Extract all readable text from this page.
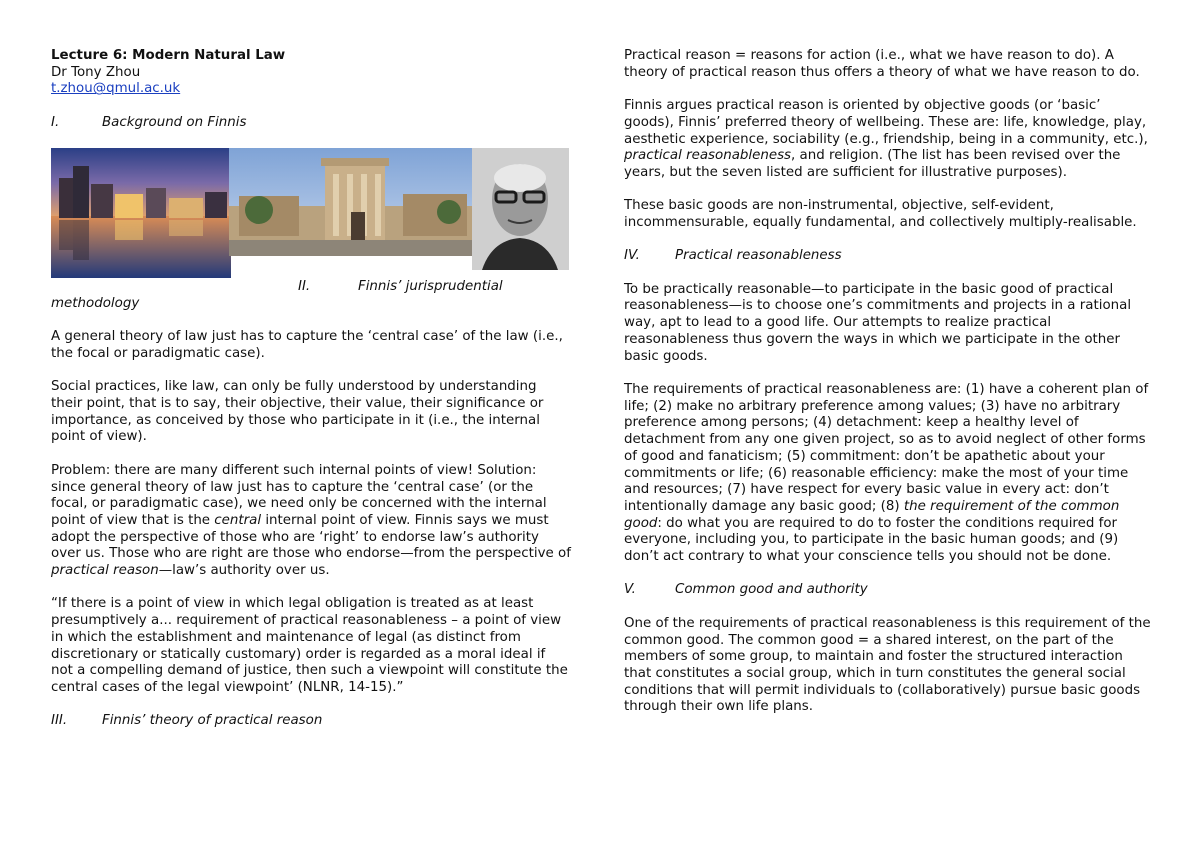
Lecture 6: Modern Natural Law
Dr Tony Zhou
t.zhou@qmul.ac.uk
I.	Background on Finnis
II.	Finnis’ jurisprudential
methodology

A general theory of law just has to capture the ‘central case’ of the law (i.e., the focal or paradigmatic case).

Social practices, like law, can only be fully understood by understanding their point, that is to say, their objective, their value, their significance or importance, as conceived by those who participate in it (i.e., the internal point of view).

Problem: there are many different such internal points of view! Solution: since general theory of law just has to capture the ‘central case’ (or the focal, or paradigmatic case), we need only be concerned with the internal point of view that is the central internal point of view. Finnis says we must adopt the perspective of those who are ‘right’ to endorse law’s authority over us. Those who are right are those who endorse—from the perspective of practical reason—law’s authority over us.

“If there is a point of view in which legal obligation is treated as at least presumptively a... requirement of practical reasonableness – a point of view in which the establishment and maintenance of legal (as distinct from discretionary or statically customary) order is regarded as a moral ideal if not a compelling demand of justice, then such a viewpoint will constitute the central cases of the legal viewpoint’ (NLNR, 14-15).”

III.	Finnis’ theory of practical reason

Practical reason = reasons for action (i.e., what we have reason to do). A theory of practical reason thus offers a theory of what we have reason to do.

Finnis argues practical reason is oriented by objective goods (or ‘basic’ goods), Finnis’ preferred theory of wellbeing. These are: life, knowledge, play, aesthetic experience, sociability (e.g., friendship, being in a community, etc.), practical reasonableness, and religion. (The list has been revised over the years, but the seven listed are sufficient for illustrative purposes).

These basic goods are non-instrumental, objective, self-evident, incommensurable, equally fundamental, and collectively multiply-realisable.

IV.	Practical reasonableness

To be practically reasonable—to participate in the basic good of practical reasonableness—is to choose one’s commitments and projects in a rational way, apt to lead to a good life. Our attempts to realize practical reasonableness thus govern the ways in which we participate in the other basic goods.

The requirements of practical reasonableness are: (1) have a coherent plan of life; (2) make no arbitrary preference among values; (3) have no arbitrary preference among persons; (4) detachment: keep a healthy level of detachment from any one given project, so as to avoid neglect of other forms of good and fanaticism; (5) commitment: don’t be apathetic about your commitments or life; (6) reasonable efficiency: make the most of your time and resources; (7) have respect for every basic value in every act: don’t intentionally damage any basic good; (8) the requirement of the common good: do what you are required to do to foster the conditions required for everyone, including you, to participate in the basic human goods; and (9) don’t act contrary to what your conscience tells you should not be done.

V.	Common good and authority

One of the requirements of practical reasonableness is this requirement of the common good. The common good = a shared interest, on the part of the members of some group, to maintain and foster the structured interaction that constitutes a social group, which in turn constitutes the general social conditions that will permit individuals to (collaboratively) pursue basic goods through their own life plans.
